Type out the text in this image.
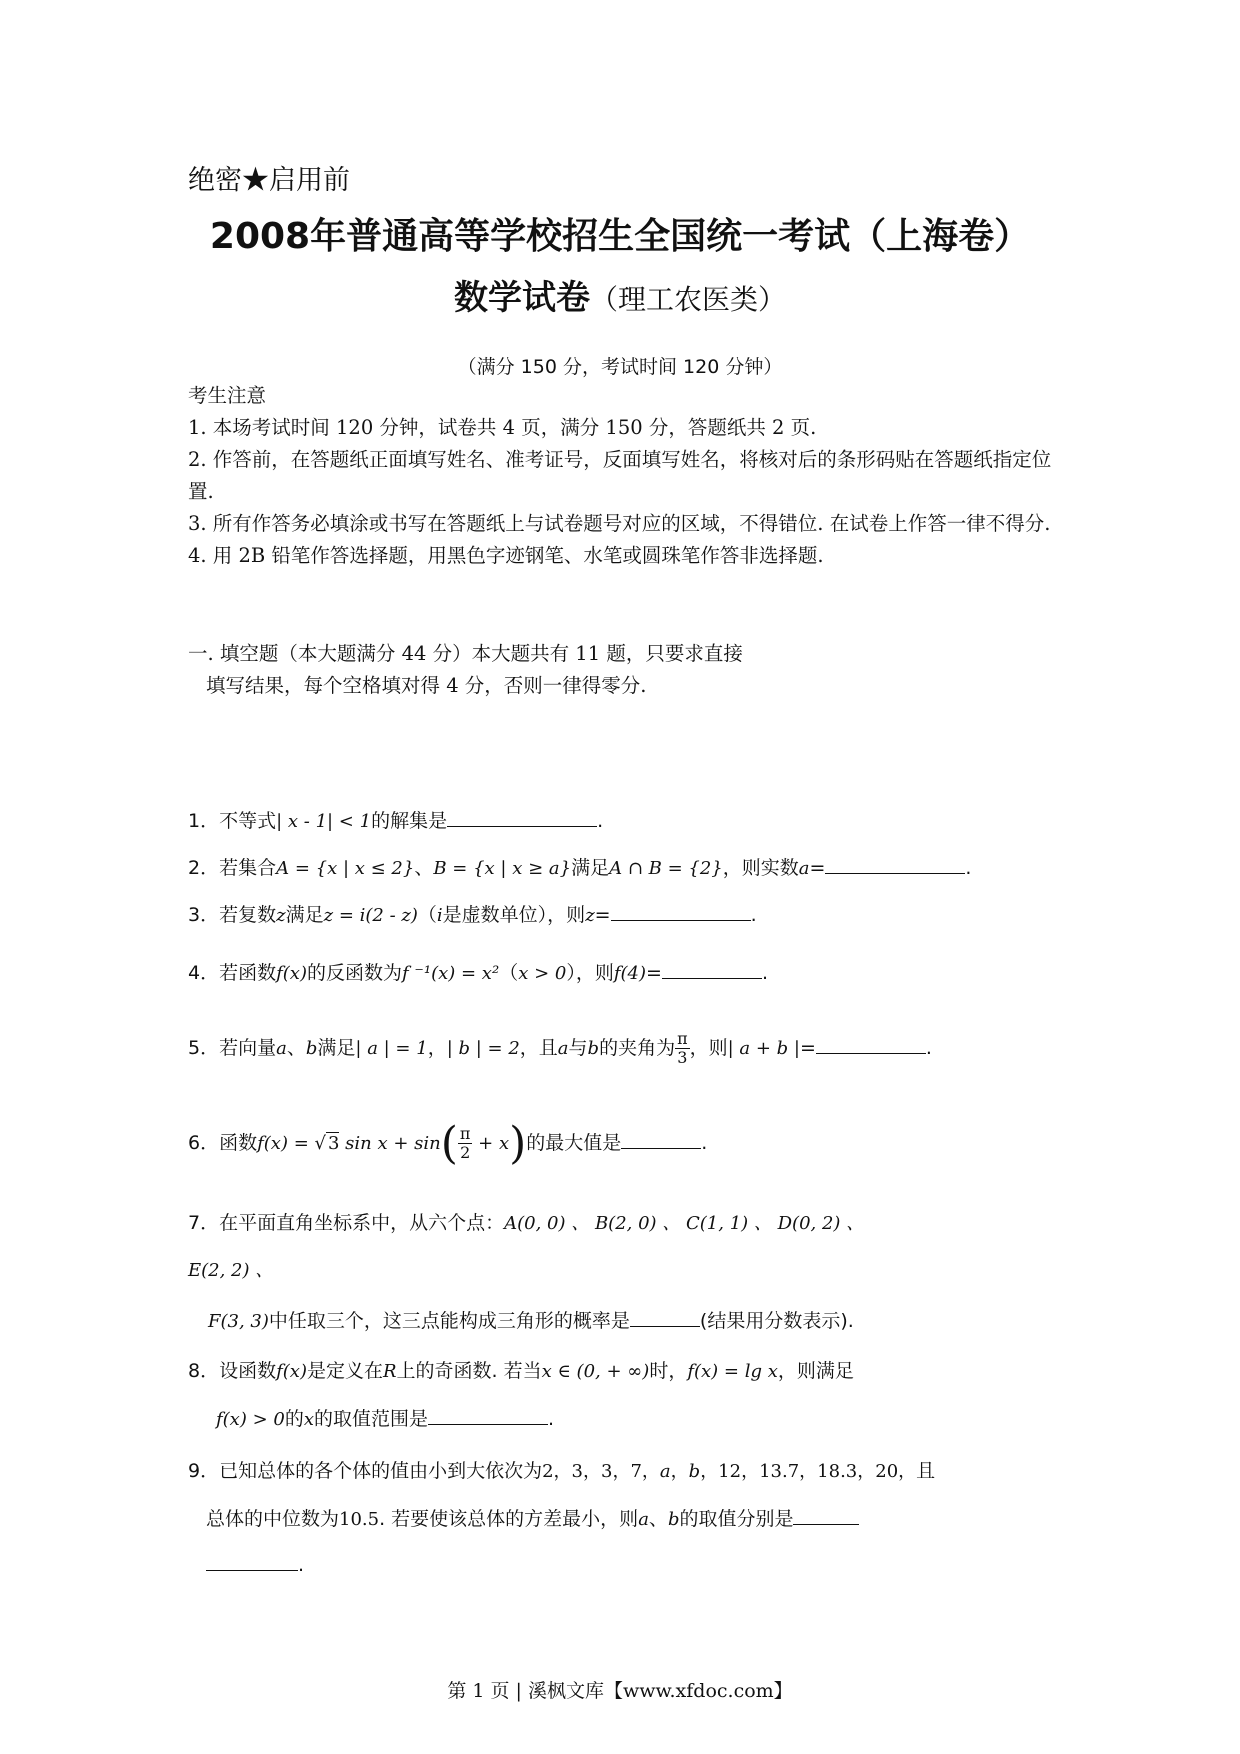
绝密★启用前
2008年普通高等学校招生全国统一考试（上海卷）
数学试卷（理工农医类）
（满分 150 分，考试时间 120 分钟）

考生注意

1. 本场考试时间 120 分钟，试卷共 4 页，满分 150 分，答题纸共 2 页.

2. 作答前，在答题纸正面填写姓名、准考证号，反面填写姓名，将核对后的条形码贴在答题纸指定位置.

3. 所有作答务必填涂或书写在答题纸上与试卷题号对应的区域，不得错位. 在试卷上作答一律不得分.

4. 用 2B 铅笔作答选择题，用黑色字迹钢笔、水笔或圆珠笔作答非选择题.

一. 填空题（本大题满分 44 分）本大题共有 11 题，只要求直接
填写结果，每个空格填对得 4 分，否则一律得零分.
1．不等式| x - 1| < 1的解集是	.
2．若集合A = {x | x ≤ 2}、B = {x | x ≥ a}满足A ∩ B = {2}，则实数a=	.
3．若复数z满足z = i(2 - z)（i是虚数单位），则z=	.
4．若函数f(x)的反函数为f ⁻¹(x) = x²（x > 0），则f(4)=	.
5．若向量a、b满足| a | = 1，| b | = 2，且a与b的夹角为 $\frac{\pi}{3}$ ，则| a + b |=	.
6．函数f(x) = √ 3 $\sin x + \sin( \frac{\pi}{2} + x)$的最大值是	.
7．在平面直角坐标系中，从六个点：A(0, 0) 、 B(2, 0) 、 C(1, 1) 、 D(0, 2) 、
E(2, 2) 、
F(3, 3)中任取三个，这三点能构成三角形的概率是	(结果用分数表示).
8．设函数f(x)是定义在R上的奇函数. 若当x ∈ (0, + ∞)时，f(x) = lg x，则满足
f(x) > 0的x的取值范围是	.
9．已知总体的各个体的值由小到大依次为2，3，3，7，a，b，12，13.7，18.3，20，且
总体的中位数为10.5. 若要使该总体的方差最小，则a、b的取值分别是
.
第 1 页 | 溪枫文库【www.xfdoc.com】
